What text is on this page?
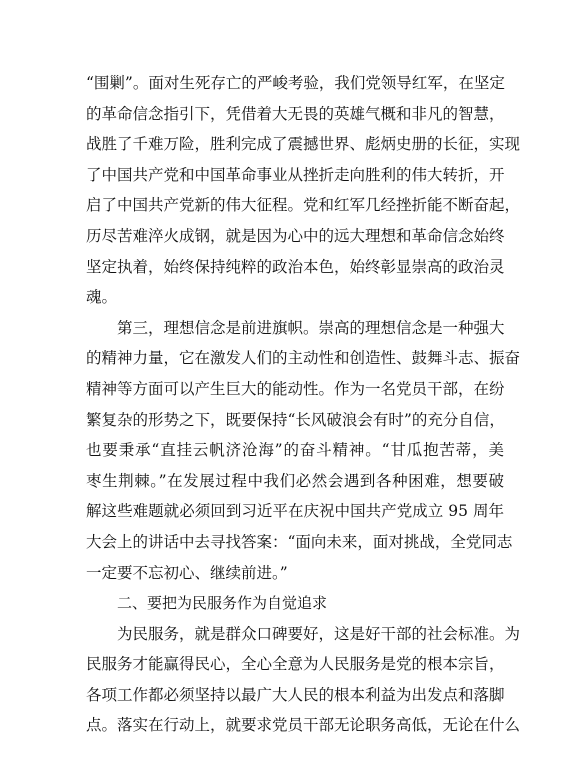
“围剿”。面对生死存亡的严峻考验，我们党领导红军，在坚定
的革命信念指引下，凭借着大无畏的英雄气概和非凡的智慧，
战胜了千难万险，胜利完成了震撼世界、彪炳史册的长征，实现
了中国共产党和中国革命事业从挫折走向胜利的伟大转折，开
启了中国共产党新的伟大征程。党和红军几经挫折能不断奋起，
历尽苦难淬火成钢，就是因为心中的远大理想和革命信念始终
坚定执着，始终保持纯粹的政治本色，始终彰显崇高的政治灵
魂。
第三，理想信念是前进旗帜。崇高的理想信念是一种强大
的精神力量，它在激发人们的主动性和创造性、鼓舞斗志、振奋
精神等方面可以产生巨大的能动性。作为一名党员干部，在纷
繁复杂的形势之下，既要保持“长风破浪会有时”的充分自信，
也要秉承“直挂云帆济沧海”的奋斗精神。“甘瓜抱苦蒂，美
枣生荆棘。”在发展过程中我们必然会遇到各种困难，想要破
解这些难题就必须回到习近平在庆祝中国共产党成立 95 周年
大会上的讲话中去寻找答案：“面向未来，面对挑战，全党同志
一定要不忘初心、继续前进。”
二、要把为民服务作为自觉追求
为民服务，就是群众口碑要好，这是好干部的社会标准。为
民服务才能赢得民心，全心全意为人民服务是党的根本宗旨，
各项工作都必须坚持以最广大人民的根本利益为出发点和落脚
点。落实在行动上，就要求党员干部无论职务高低，无论在什么
